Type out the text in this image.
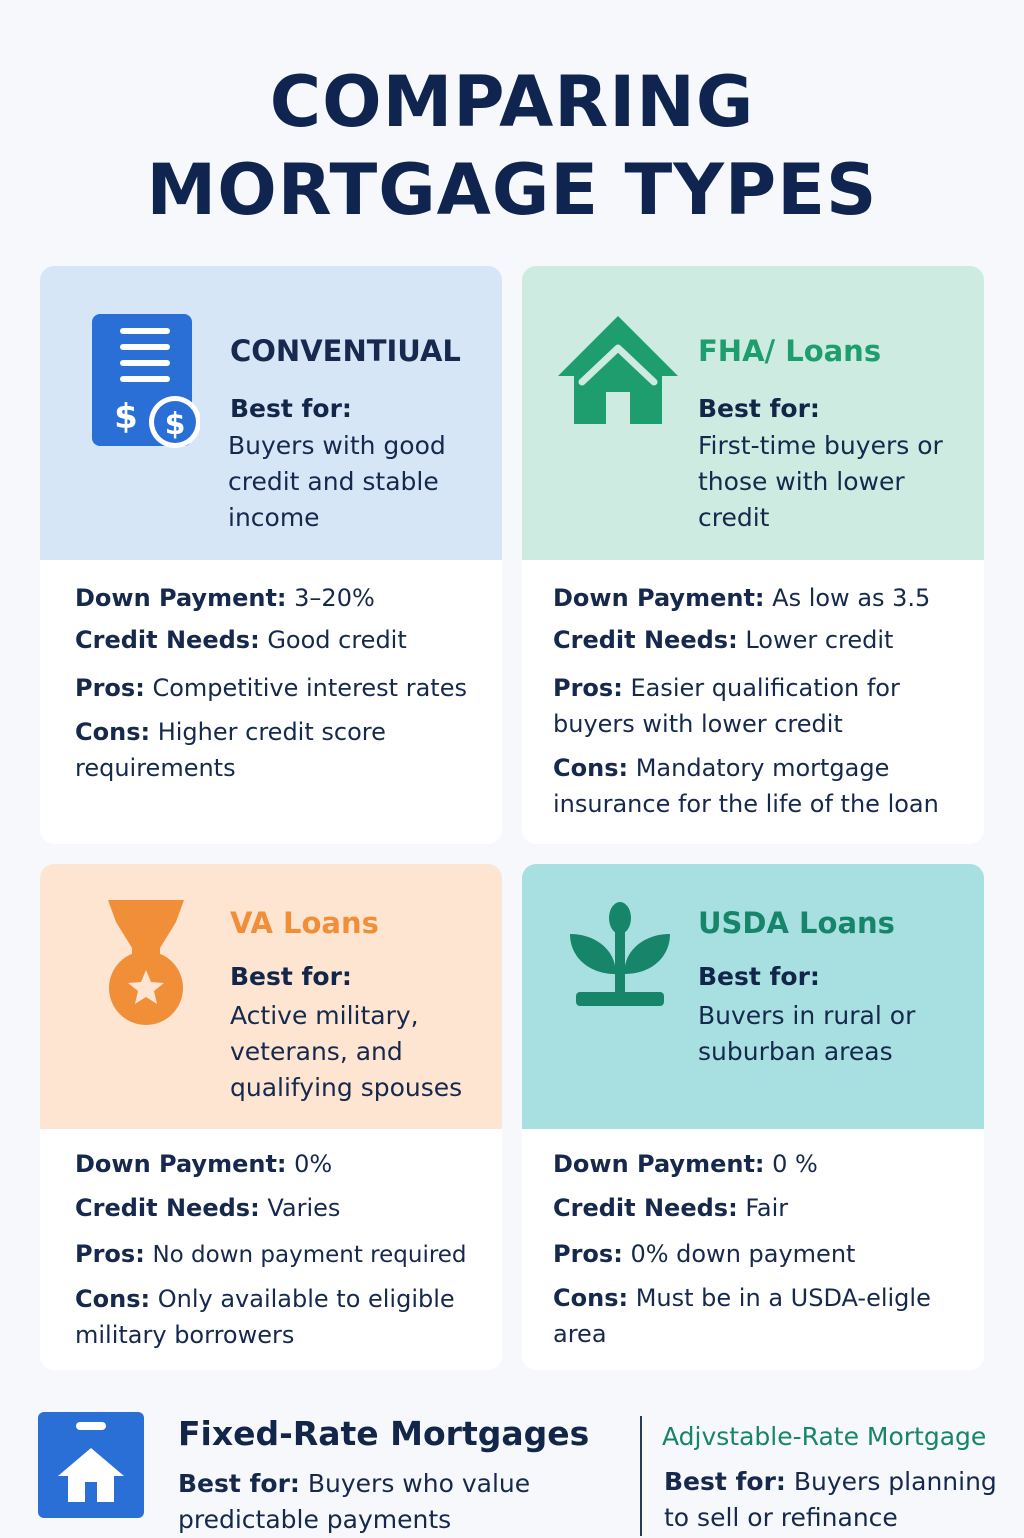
COMPARING
MORTGAGE TYPES
$ $
CONVENTIUAL
Best for:
Buyers with good credit and stable income

Down Payment: 3–20%

Credit Needs: Good credit

Pros: Competitive interest rates

Cons: Higher credit score requirements

FHA/ Loans
Best for:
First-time buyers or those with lower credit

Down Payment: As low as 3.5

Credit Needs: Lower credit

Pros: Easier qualification for buyers with lower credit

Cons: Mandatory mortgage insurance for the life of the loan

VA Loans
Best for:
Active military, veterans, and qualifying spouses

Down Payment: 0%

Credit Needs: Varies

Pros: No down payment required

Cons: Only available to eligible military borrowers

USDA Loans
Best for:
Buvers in rural or suburban areas

Down Payment: 0 %

Credit Needs: Fair

Pros: 0% down payment

Cons: Must be in a USDA-eligle area

Fixed-Rate Mortgages
Best for: Buyers who value predictable payments
Adjvstable-Rate Mortgage
Best for: Buyers planning to sell or refinance
